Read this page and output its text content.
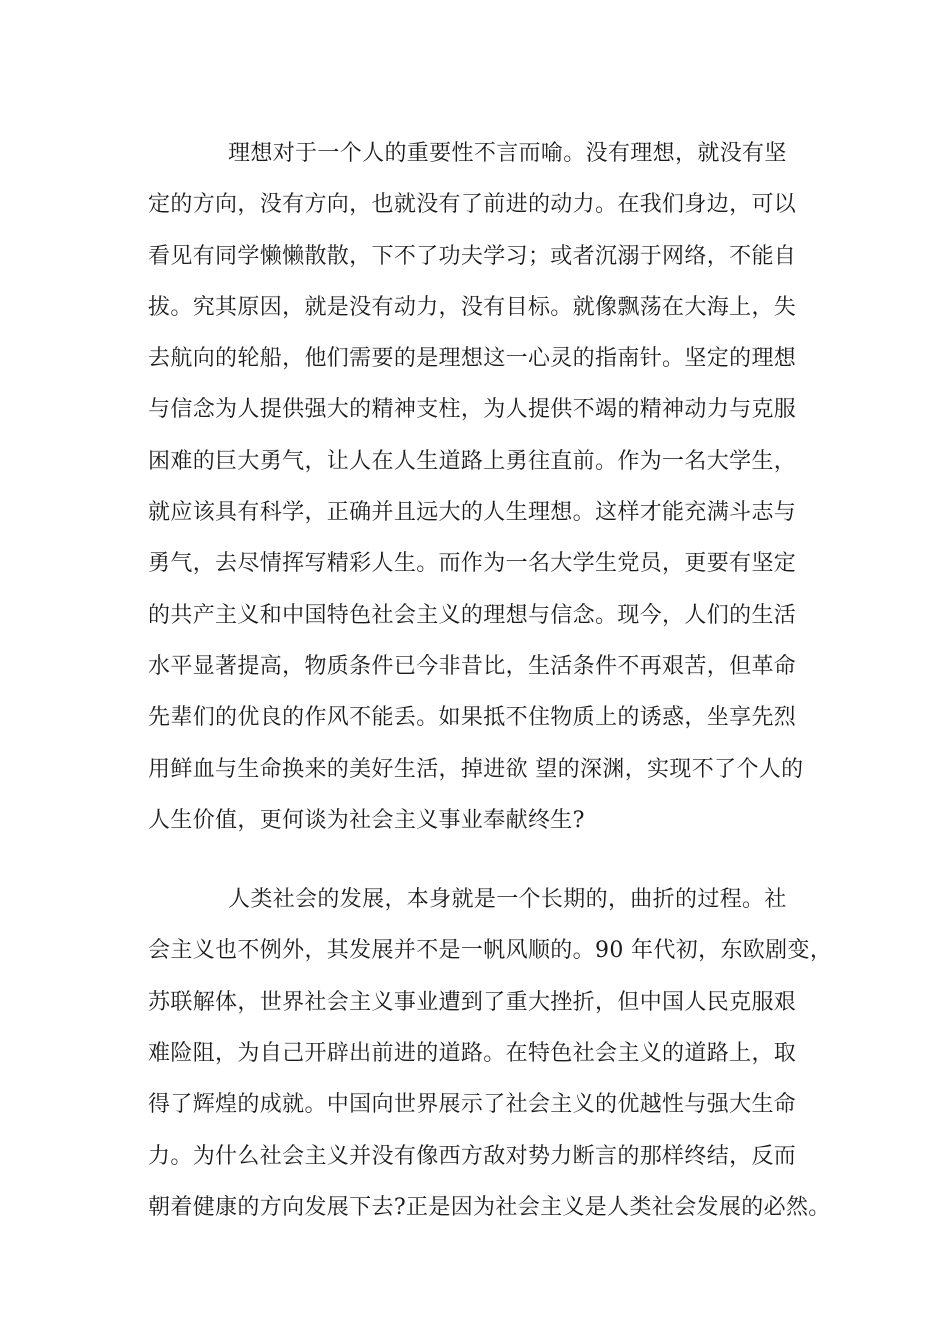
理想对于一个人的重要性不言而喻。没有理想，就没有坚
定的方向，没有方向，也就没有了前进的动力。在我们身边，可以
看见有同学懒懒散散，下不了功夫学习；或者沉溺于网络，不能自
拔。究其原因，就是没有动力，没有目标。就像飘荡在大海上，失
去航向的轮船，他们需要的是理想这一心灵的指南针。坚定的理想
与信念为人提供强大的精神支柱，为人提供不竭的精神动力与克服
困难的巨大勇气，让人在人生道路上勇往直前。作为一名大学生，
就应该具有科学，正确并且远大的人生理想。这样才能充满斗志与
勇气，去尽情挥写精彩人生。而作为一名大学生党员，更要有坚定
的共产主义和中国特色社会主义的理想与信念。现今，人们的生活
水平显著提高，物质条件已今非昔比，生活条件不再艰苦，但革命
先辈们的优良的作风不能丢。如果抵不住物质上的诱惑，坐享先烈
用鲜血与生命换来的美好生活，掉进欲 望的深渊，实现不了个人的
人生价值，更何谈为社会主义事业奉献终生?
人类社会的发展，本身就是一个长期的，曲折的过程。社
会主义也不例外，其发展并不是一帆风顺的。90 年代初，东欧剧变，
苏联解体，世界社会主义事业遭到了重大挫折，但中国人民克服艰
难险阻，为自己开辟出前进的道路。在特色社会主义的道路上，取
得了辉煌的成就。中国向世界展示了社会主义的优越性与强大生命
力。为什么社会主义并没有像西方敌对势力断言的那样终结，反而
朝着健康的方向发展下去?正是因为社会主义是人类社会发展的必然。
